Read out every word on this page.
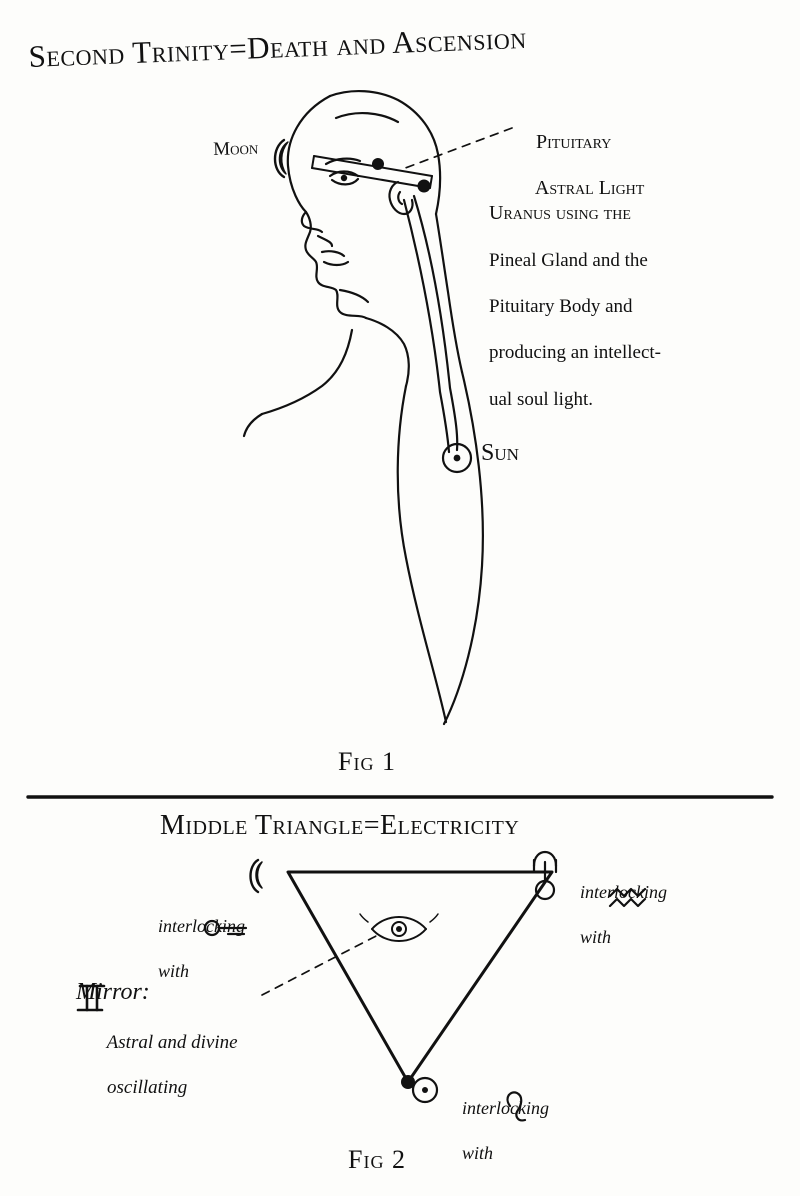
Second Trinity=Death and Ascension
Moon	Pituitary

Astral Light

Uranus using the

Pineal Gland and the

Pituitary Body and

producing an intellect-

ual soul light.

Sun
Fig 1
Middle Triangle=Electricity

interlocking

with

interlocking

with

interlocking

with

Mirror:

Astral and divine

oscillating

Fig 2
